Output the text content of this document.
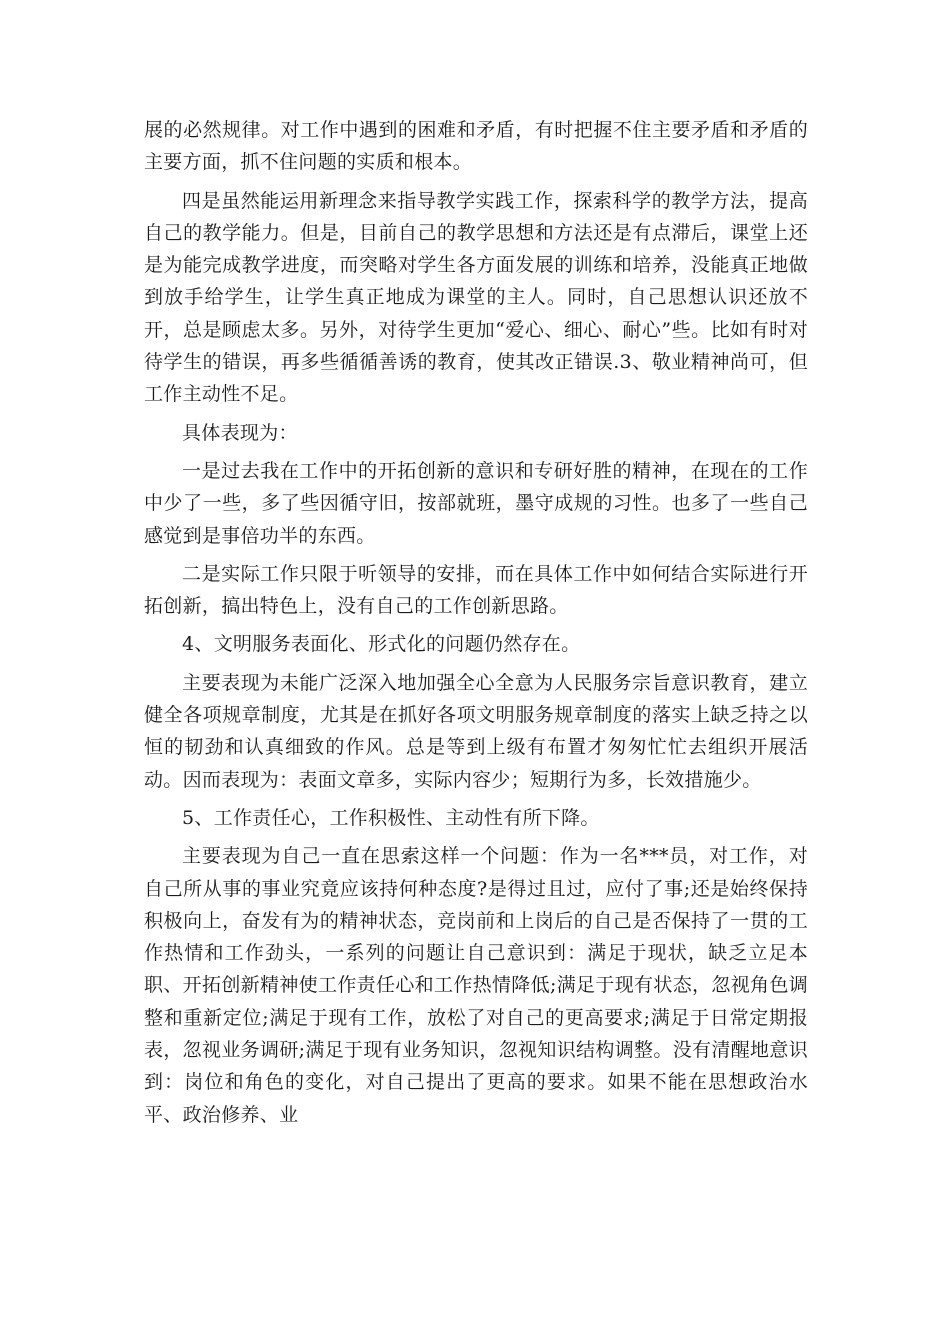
展的必然规律。对工作中遇到的困难和矛盾，有时把握不住主要矛盾和矛盾的主要方面，抓不住问题的实质和根本。

四是虽然能运用新理念来指导教学实践工作，探索科学的教学方法，提高自己的教学能力。但是，目前自己的教学思想和方法还是有点滞后，课堂上还是为能完成教学进度，而突略对学生各方面发展的训练和培养，没能真正地做到放手给学生，让学生真正地成为课堂的主人。同时，自己思想认识还放不开，总是顾虑太多。另外，对待学生更加“爱心、细心、耐心”些。比如有时对待学生的错误，再多些循循善诱的教育，使其改正错误.3、敬业精神尚可，但工作主动性不足。

具体表现为：

一是过去我在工作中的开拓创新的意识和专研好胜的精神，在现在的工作中少了一些，多了些因循守旧，按部就班，墨守成规的习性。也多了一些自己感觉到是事倍功半的东西。

二是实际工作只限于听领导的安排，而在具体工作中如何结合实际进行开拓创新，搞出特色上，没有自己的工作创新思路。

4、文明服务表面化、形式化的问题仍然存在。

主要表现为未能广泛深入地加强全心全意为人民服务宗旨意识教育，建立健全各项规章制度，尤其是在抓好各项文明服务规章制度的落实上缺乏持之以恒的韧劲和认真细致的作风。总是等到上级有布置才匆匆忙忙去组织开展活动。因而表现为：表面文章多，实际内容少；短期行为多，长效措施少。

5、工作责任心，工作积极性、主动性有所下降。

主要表现为自己一直在思索这样一个问题：作为一名***员，对工作，对自己所从事的事业究竟应该持何种态度?是得过且过，应付了事;还是始终保持积极向上，奋发有为的精神状态，竞岗前和上岗后的自己是否保持了一贯的工作热情和工作劲头，一系列的问题让自己意识到：满足于现状，缺乏立足本职、开拓创新精神使工作责任心和工作热情降低;满足于现有状态，忽视角色调整和重新定位;满足于现有工作，放松了对自己的更高要求;满足于日常定期报表，忽视业务调研;满足于现有业务知识，忽视知识结构调整。没有清醒地意识到：岗位和角色的变化，对自己提出了更高的要求。如果不能在思想政治水平、政治修养、业
